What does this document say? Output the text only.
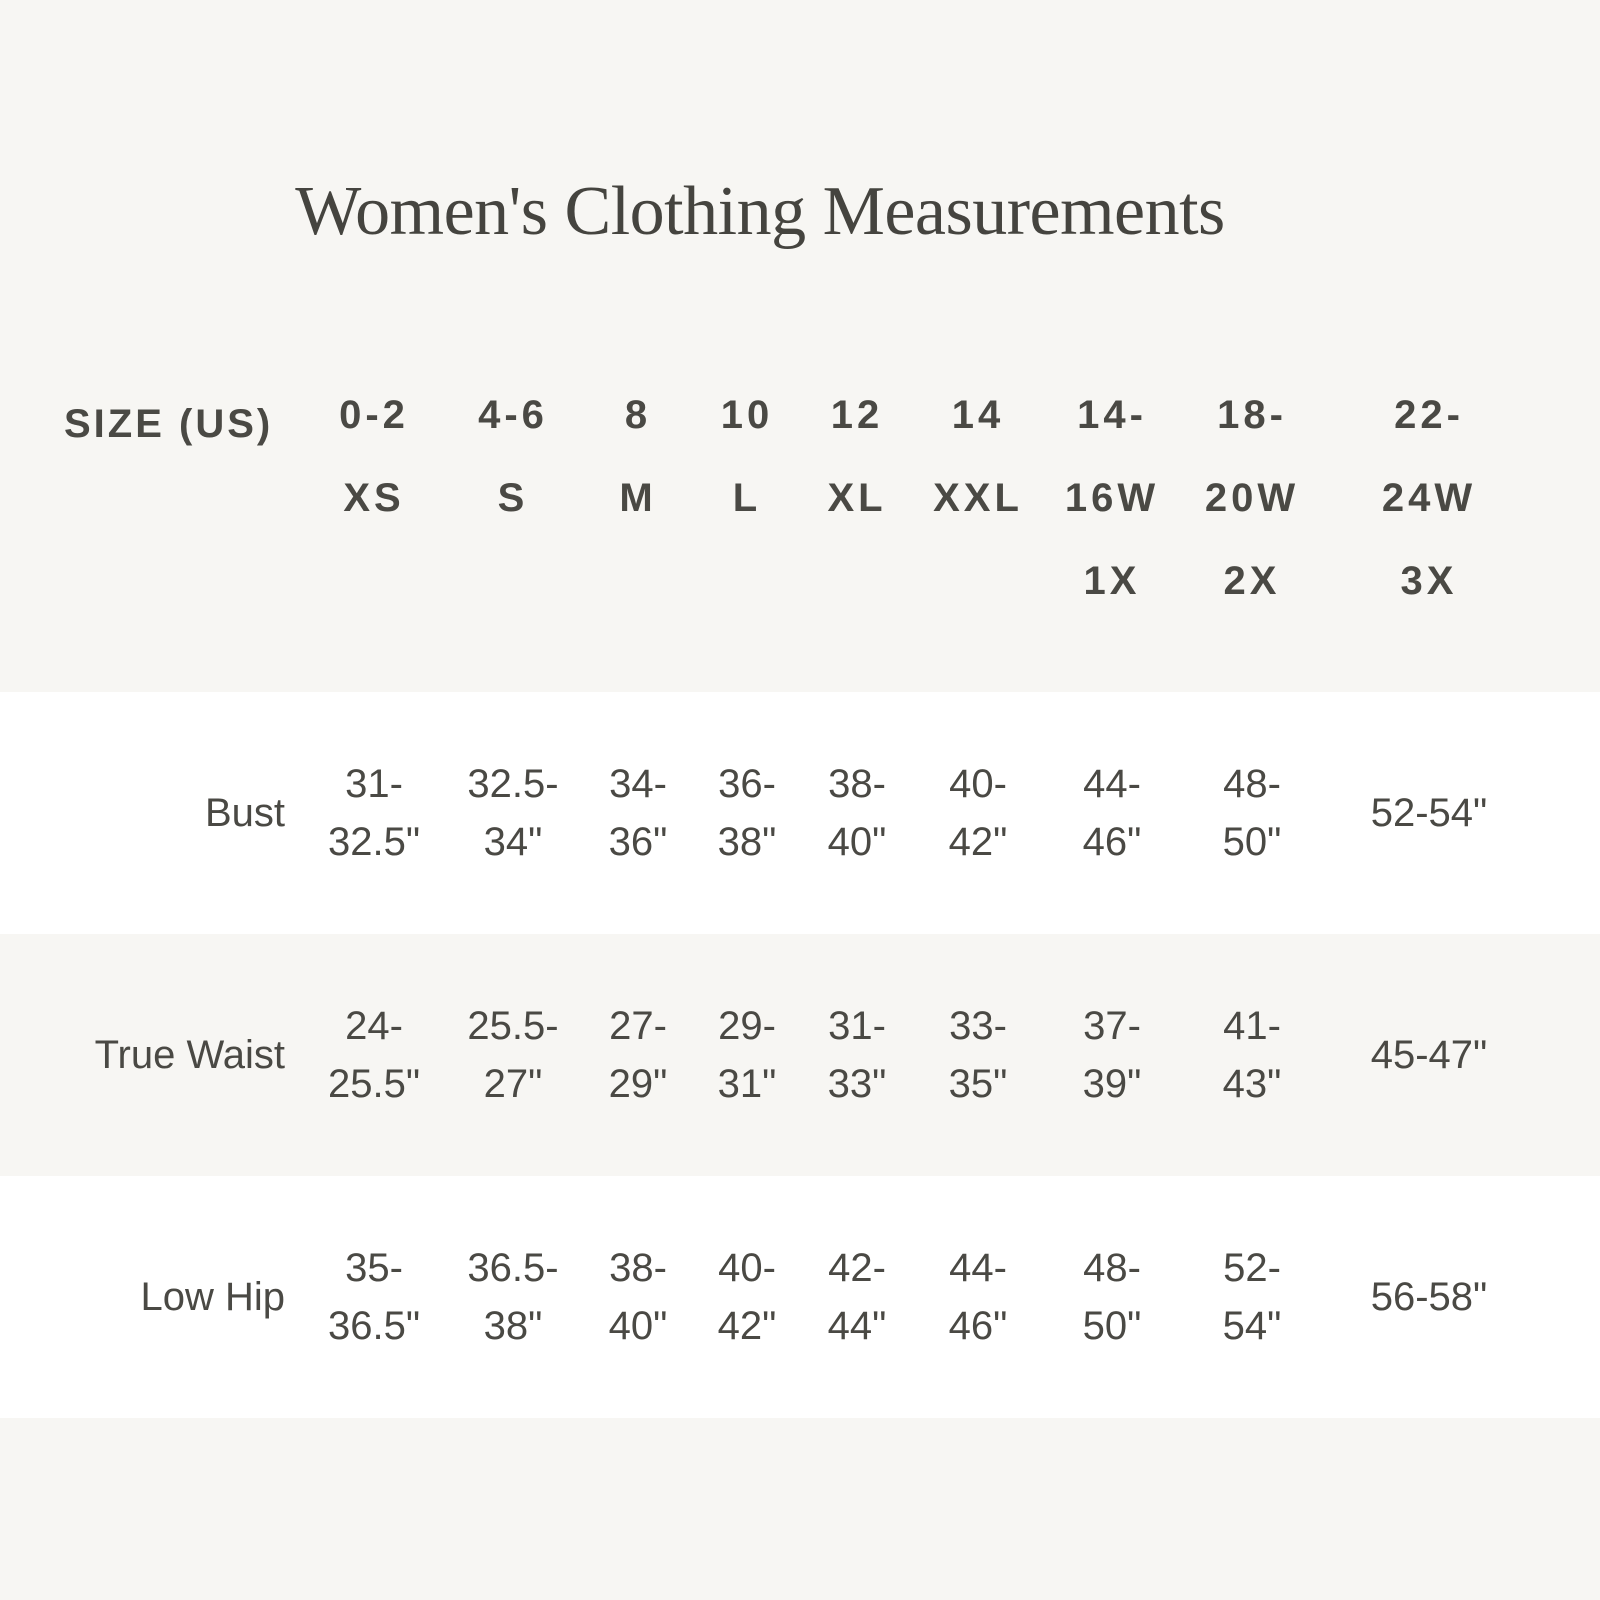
Women's Clothing Measurements
SIZE (US) 0-2
XS
4-6
S
8
M
10
L
12
XL
14
XXL
14-
16W
1X
18-
20W
2X
22-
24W
3X
Bust
31-
32.5"
32.5-
34"
34-
36"
36-
38"
38-
40"
40-
42"
44-
46"
48-
50"
52-54"
True Waist
24-
25.5"
25.5-
27"
27-
29"
29-
31"
31-
33"
33-
35"
37-
39"
41-
43"
45-47"
Low Hip
35-
36.5"
36.5-
38"
38-
40"
40-
42"
42-
44"
44-
46"
48-
50"
52-
54"
56-58"
